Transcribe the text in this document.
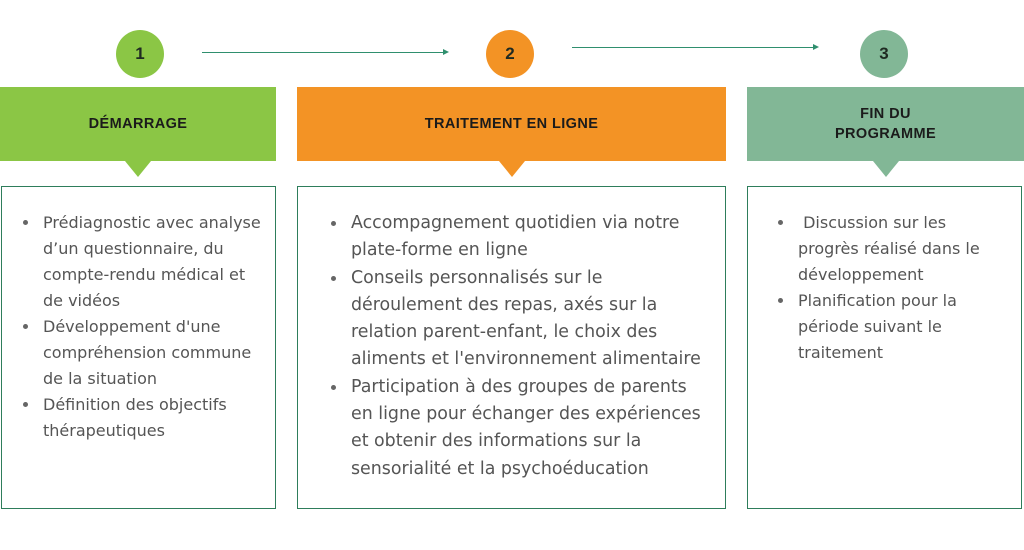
1	2	3
DÉMARRAGE	TRAITEMENT EN LIGNE
FIN DU PROGRAMME
Prédiagnostic avec analyse d’un questionnaire, du compte-rendu médical et de vidéos
Développement d'une compréhension commune de la situation
Définition des objectifs thérapeutiques
Accompagnement quotidien via notre plate-forme en ligne
Conseils personnalisés sur le déroulement des repas, axés sur la relation parent-enfant, le choix des aliments et l'environnement alimentaire
Participation à des groupes de parents en ligne pour échanger des expériences et obtenir des informations sur la sensorialité et la psychoéducation
Discussion sur les progrès réalisé dans le développement
Planification pour la période suivant le traitement
